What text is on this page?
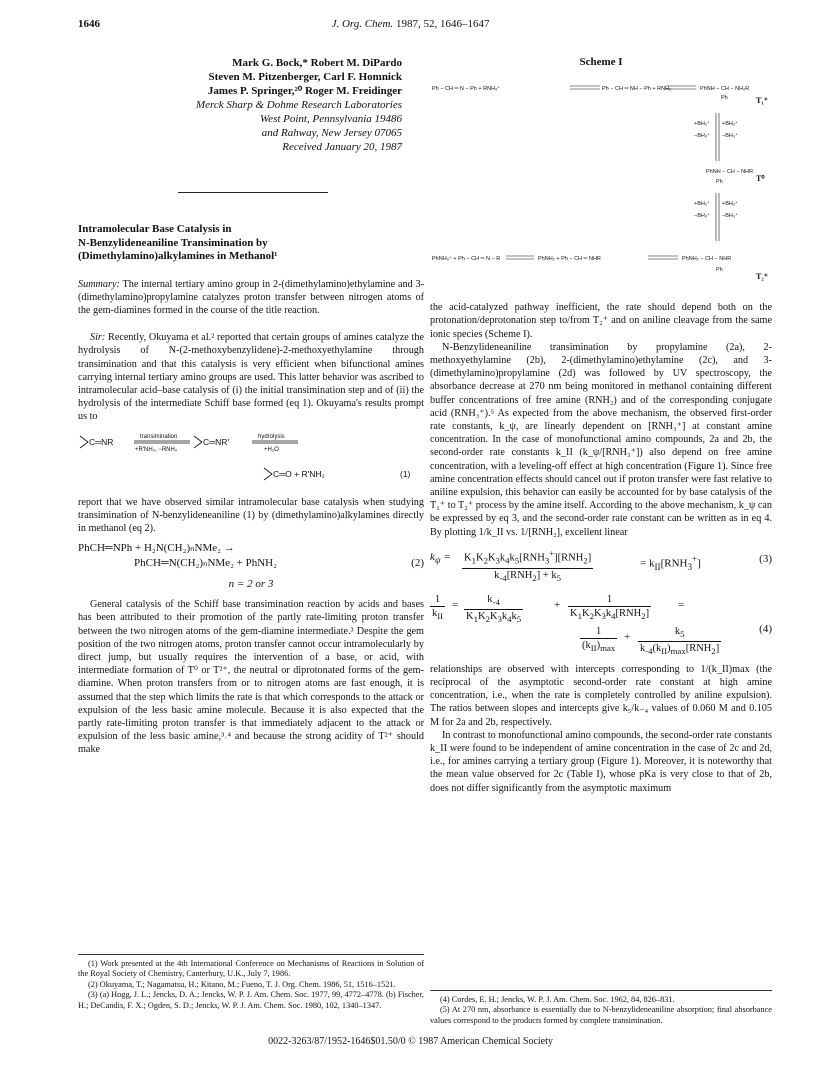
1646	J. Org. Chem. 1987, 52, 1646–1647
Mark G. Bock,* Robert M. DiPardo
Steven M. Pitzenberger, Carl F. Homnick
James P. Springer,²⁰ Roger M. Freidinger
Merck Sharp & Dohme Research Laboratories
West Point, Pennsylvania 19486
and Rahway, New Jersey 07065
Received January 20, 1987
Intramolecular Base Catalysis in
N-Benzylideneaniline Transimination by
(Dimethylamino)alkylamines in Methanol¹

Summary: The internal tertiary amino group in 2-(dimethylamino)ethylamine and 3-(dimethylamino)propylamine catalyzes proton transfer between nitrogen atoms of the gem-diamines formed in the course of the title reaction.

Sir: Recently, Okuyama et al.² reported that certain groups of amines catalyze the hydrolysis of N-(2-methoxybenzylidene)-2-methoxyethylamine through transimination and that this catalysis is very efficient when bifunctional amines carrying internal tertiary amino groups are used. This latter behavior was ascribed to intramolecular acid–base catalysis of (i) the initial transimination step and of (ii) the hydrolysis of the intermediate Schiff base formed (eq 1). Okuyama's results prompt us to

C═NR	transimination
+R'NH₂, −RNH₂
C═NR'	hydrolysis
+H₂O
C═O + R'NH₂	(1)

report that we have observed similar intramolecular base catalysis when studying transimination of N-benzylideneaniline (1) by (dimethylamino)alkylamines directly in methanol (eq 2).

PhCH═NPh + H₂N(CH₂)ₙNMe₂ →
PhCH═N(CH₂)ₙNMe₂ + PhNH₂	(2)
n = 2 or 3

General catalysis of the Schiff base transimination reaction by acids and bases has been attributed to their promotion of the partly rate-limiting proton transfer between the two nitrogen atoms of the gem-diamine intermediate.³ Despite the gem position of the two nitrogen atoms, proton transfer cannot occur intramolecularly by direct jump, but usually requires the intervention of a base, or acid, with intermediate formation of T⁰ or T²⁺, the neutral or diprotonated forms of the gem-diamine. When proton transfers from or to nitrogen atoms are fast enough, it is assumed that the step which limits the rate is that which corresponds to the attack or expulsion of the less basic amine molecule. Because it is also expected that the partly rate-limiting proton transfer is that immediately adjacent to the attack or expulsion of the less basic amine,³˒⁴ and because the strong acidity of T²⁺ should make

Scheme I
Ph − CH ═ N − Ph + RNH₃⁺	Ph − CH ═ NH − Ph + RNH₂	PhNH − CH − NH₂R
Ph
+BH₂⁺ +BH₂⁺
−BH₃⁺ −BH₃⁺
PhNH − CH − NHR
Ph
+BH₂⁺ +BH₂⁺
−BH₃⁺ −BH₃⁺
PhNH₃⁺ + Ph − CH ═ N − R	PhNH₂ + Ph − CH ═ NHR	PhNH₂ − CH − NHR
Ph
T₁⁺
T⁰
T₂⁺

the acid-catalyzed pathway inefficient, the rate should depend both on the protonation/deprotonation step to/from T₂⁺ and on aniline cleavage from the same ionic species (Scheme I).

N-Benzylideneaniline transimination by propylamine (2a), 2-methoxyethylamine (2b), 2-(dimethylamino)ethylamine (2c), and 3-(dimethylamino)propylamine (2d) was followed by UV spectroscopy, the absorbance decrease at 270 nm being monitored in methanol containing different buffer concentrations of free amine (RNH₂) and of the corresponding conjugate acid (RNH₃⁺).⁵ As expected from the above mechanism, the observed first-order rate constants, k_ψ, are linearly dependent on [RNH₃⁺] at constant amine concentration. In the case of monofunctional amino compounds, 2a and 2b, the second-order rate constants k_II (k_ψ/[RNH₃⁺]) also depend on free amine concentration, with a leveling-off effect at high concentration (Figure 1). Since free amine concentration effects should cancel out if proton transfer were fast relative to aniline expulsion, this behavior can easily be accounted for by base catalysis of the T₁⁺ to T₂⁺ process by the amine itself. According to the above mechanism, k_ψ can be expressed by eq 3, and the second-order rate constant can be written as in eq 4. By plotting 1/k_II vs. 1/[RNH₂], excellent linear

$k_\psi = K_1K_2K_3k_4k_5[RNH_3^+][RNH_2]$
$k_{-4}[RNH_2] + k_5$
= $k_{II}[RNH_3^+]$	(3)
1
$k_{II}$
= $\frac{k_{-4}}{K_1K_2K_3k_4k_5}$	+	1
$K_1K_2K_3k_4[RNH_2]$
=
1
$(k_{II})_{max}$
+	$k_5$
$k_{-4}(k_{II})_{max}[RNH_2]$
(4)

relationships are observed with intercepts corresponding to 1/(k_II)max (the reciprocal of the asymptotic second-order rate constant at high amine concentration, i.e., when the rate is completely controlled by aniline expulsion). The ratios between slopes and intercepts give k₅/k₋₄ values of 0.060 M and 0.105 M for 2a and 2b, respectively.

In contrast to monofunctional amino compounds, the second-order rate constants k_II were found to be independent of amine concentration in the case of 2c and 2d, i.e., for amines carrying a tertiary group (Figure 1). Moreover, it is noteworthy that the mean value observed for 2c (Table I), whose pKa is very close to that of 2b, does not differ significantly from the asymptotic maximum

(1) Work presented at the 4th International Conference on Mechanisms of Reactions in Solution of the Royal Society of Chemistry, Canterbury, U.K., July 7, 1986.

(2) Okuyama, T.; Nagamatsu, H.; Kitano, M.; Fueno, T. J. Org. Chem. 1986, 51, 1516–1521.

(3) (a) Hogg, J. L.; Jencks, D. A.; Jencks, W. P. J. Am. Chem. Soc. 1977, 99, 4772–4778. (b) Fischer, H.; DeCandis, F. X.; Ogden, S. D.; Jencks, W. P. J. Am. Chem. Soc. 1980, 102, 1340–1347.

(4) Cordes, E. H.; Jencks, W. P. J. Am. Chem. Soc. 1962, 84, 826–831.

(5) At 270 nm, absorbance is essentially due to N-benzylideneaniline absorption; final absorbance values correspond to the products formed by complete transimination.

0022-3263/87/1952-1646$01.50/0 © 1987 American Chemical Society
